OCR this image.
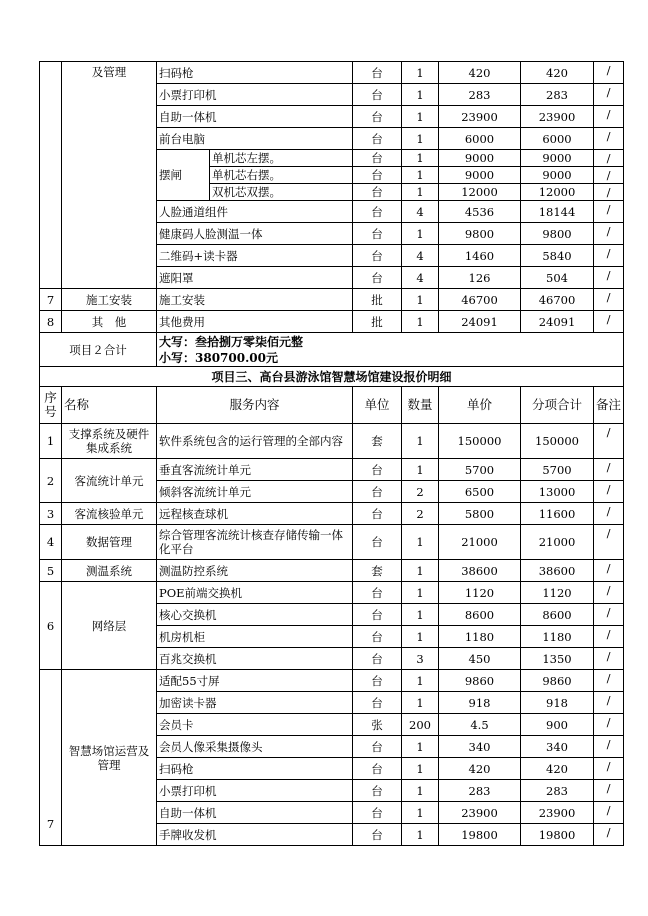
	及管理	扫码枪		台	1	420	420	/
		小票打印机		台	1	283	283	/
		自助一体机		台	1	23900	23900	/
		前台电脑		台	1	6000	6000	/
		摆闸	单机芯左摆。	台	1	9000	9000	/
			单机芯右摆。	台	1	9000	9000	/
			双机芯双摆。	台	1	12000	12000	/
		人脸通道组件		台	4	4536	18144	/
		健康码人脸测温一体		台	1	9800	9800	/
		二维码+读卡器		台	4	1460	5840	/
		遮阳罩		台	4	126	504	/
7	施工安装	施工安装		批	1	46700	46700	/
8	其　他	其他费用		批	1	24091	24091	/
项目２合计		大写：叁拾捌万零柒佰元整
小写：380700.00元						

项目三、高台县游泳馆智慧场馆建设报价明细								
序号	名称	服务内容		单位	数量	单价	分项合计	备注
1	支撑系统及硬件集成系统	软件系统包含的运行管理的全部内容		套	1	150000	150000	/
2	客流统计单元	垂直客流统计单元		台	1	5700	5700	/
		倾斜客流统计单元		台	2	6500	13000	/
3	客流核验单元	远程核查球机		台	2	5800	11600	/
4	数据管理	综合管理客流统计核查存储传输一体化平台		台	1	21000	21000	/
5	测温系统	测温防控系统		套	1	38600	38600	/
6	网络层	POE前端交换机		台	1	1120	1120	/
		核心交换机		台	1	8600	8600	/
		机房机柜		台	1	1180	1180	/
		百兆交换机		台	3	450	1350	/
7	智慧场馆运营及管理	适配55寸屏		台	1	9860	9860	/
		加密读卡器		台	1	918	918	/
		会员卡		张	200	4.5	900	/
		会员人像采集摄像头		台	1	340	340	/
		扫码枪		台	1	420	420	/
		小票打印机		台	1	283	283	/
		自助一体机		台	1	23900	23900	/
		手牌收发机		台	1	19800	19800	/
